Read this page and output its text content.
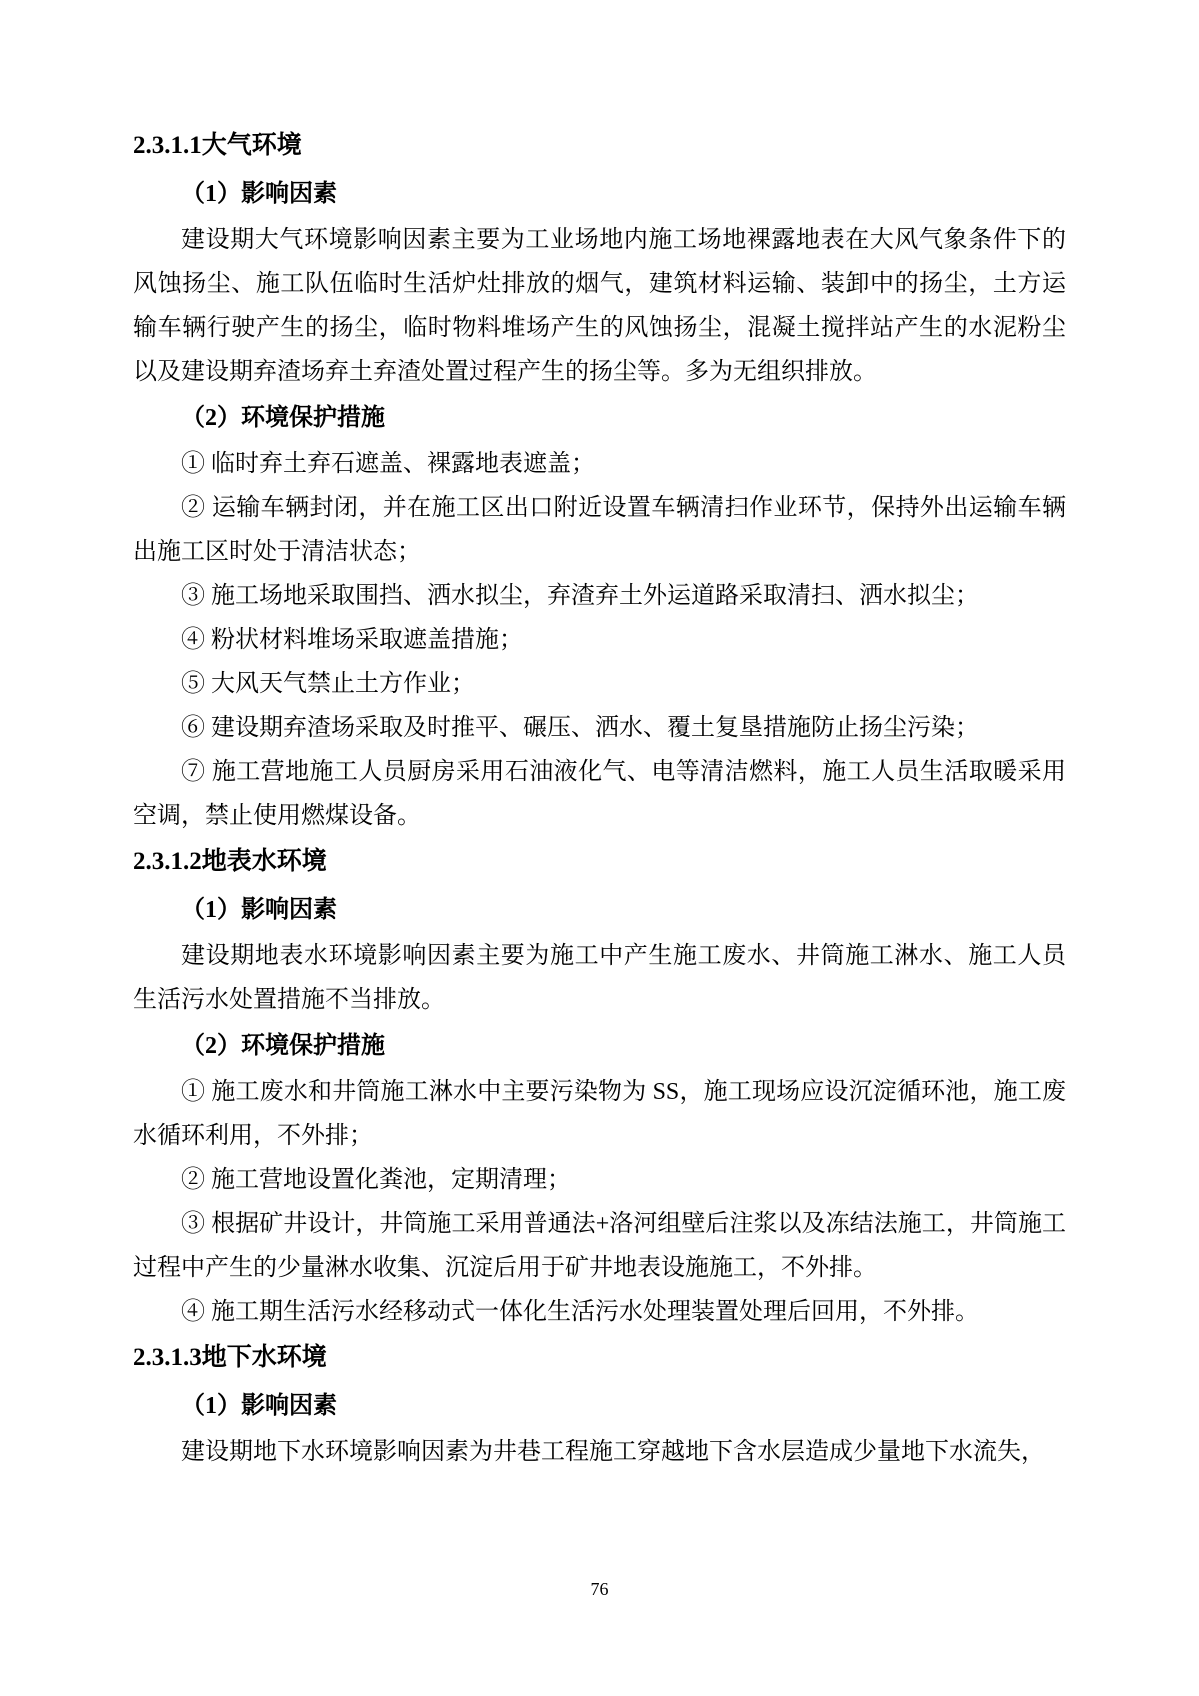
2.3.1.1大气环境
（1）影响因素
建设期大气环境影响因素主要为工业场地内施工场地裸露地表在大风气象条件下的风蚀扬尘、施工队伍临时生活炉灶排放的烟气，建筑材料运输、装卸中的扬尘，土方运输车辆行驶产生的扬尘，临时物料堆场产生的风蚀扬尘，混凝土搅拌站产生的水泥粉尘以及建设期弃渣场弃土弃渣处置过程产生的扬尘等。多为无组织排放。
（2）环境保护措施
① 临时弃土弃石遮盖、裸露地表遮盖；
② 运输车辆封闭，并在施工区出口附近设置车辆清扫作业环节，保持外出运输车辆出施工区时处于清洁状态；
③ 施工场地采取围挡、洒水拟尘，弃渣弃土外运道路采取清扫、洒水拟尘；
④ 粉状材料堆场采取遮盖措施；
⑤ 大风天气禁止土方作业；
⑥ 建设期弃渣场采取及时推平、碾压、洒水、覆土复垦措施防止扬尘污染；
⑦ 施工营地施工人员厨房采用石油液化气、电等清洁燃料，施工人员生活取暖采用空调，禁止使用燃煤设备。
2.3.1.2地表水环境
（1）影响因素
建设期地表水环境影响因素主要为施工中产生施工废水、井筒施工淋水、施工人员生活污水处置措施不当排放。
（2）环境保护措施
① 施工废水和井筒施工淋水中主要污染物为 SS，施工现场应设沉淀循环池，施工废水循环利用，不外排；
② 施工营地设置化粪池，定期清理；
③ 根据矿井设计，井筒施工采用普通法+洛河组壁后注浆以及冻结法施工，井筒施工过程中产生的少量淋水收集、沉淀后用于矿井地表设施施工，不外排。
④ 施工期生活污水经移动式一体化生活污水处理装置处理后回用，不外排。
2.3.1.3地下水环境
（1）影响因素
建设期地下水环境影响因素为井巷工程施工穿越地下含水层造成少量地下水流失，
76
